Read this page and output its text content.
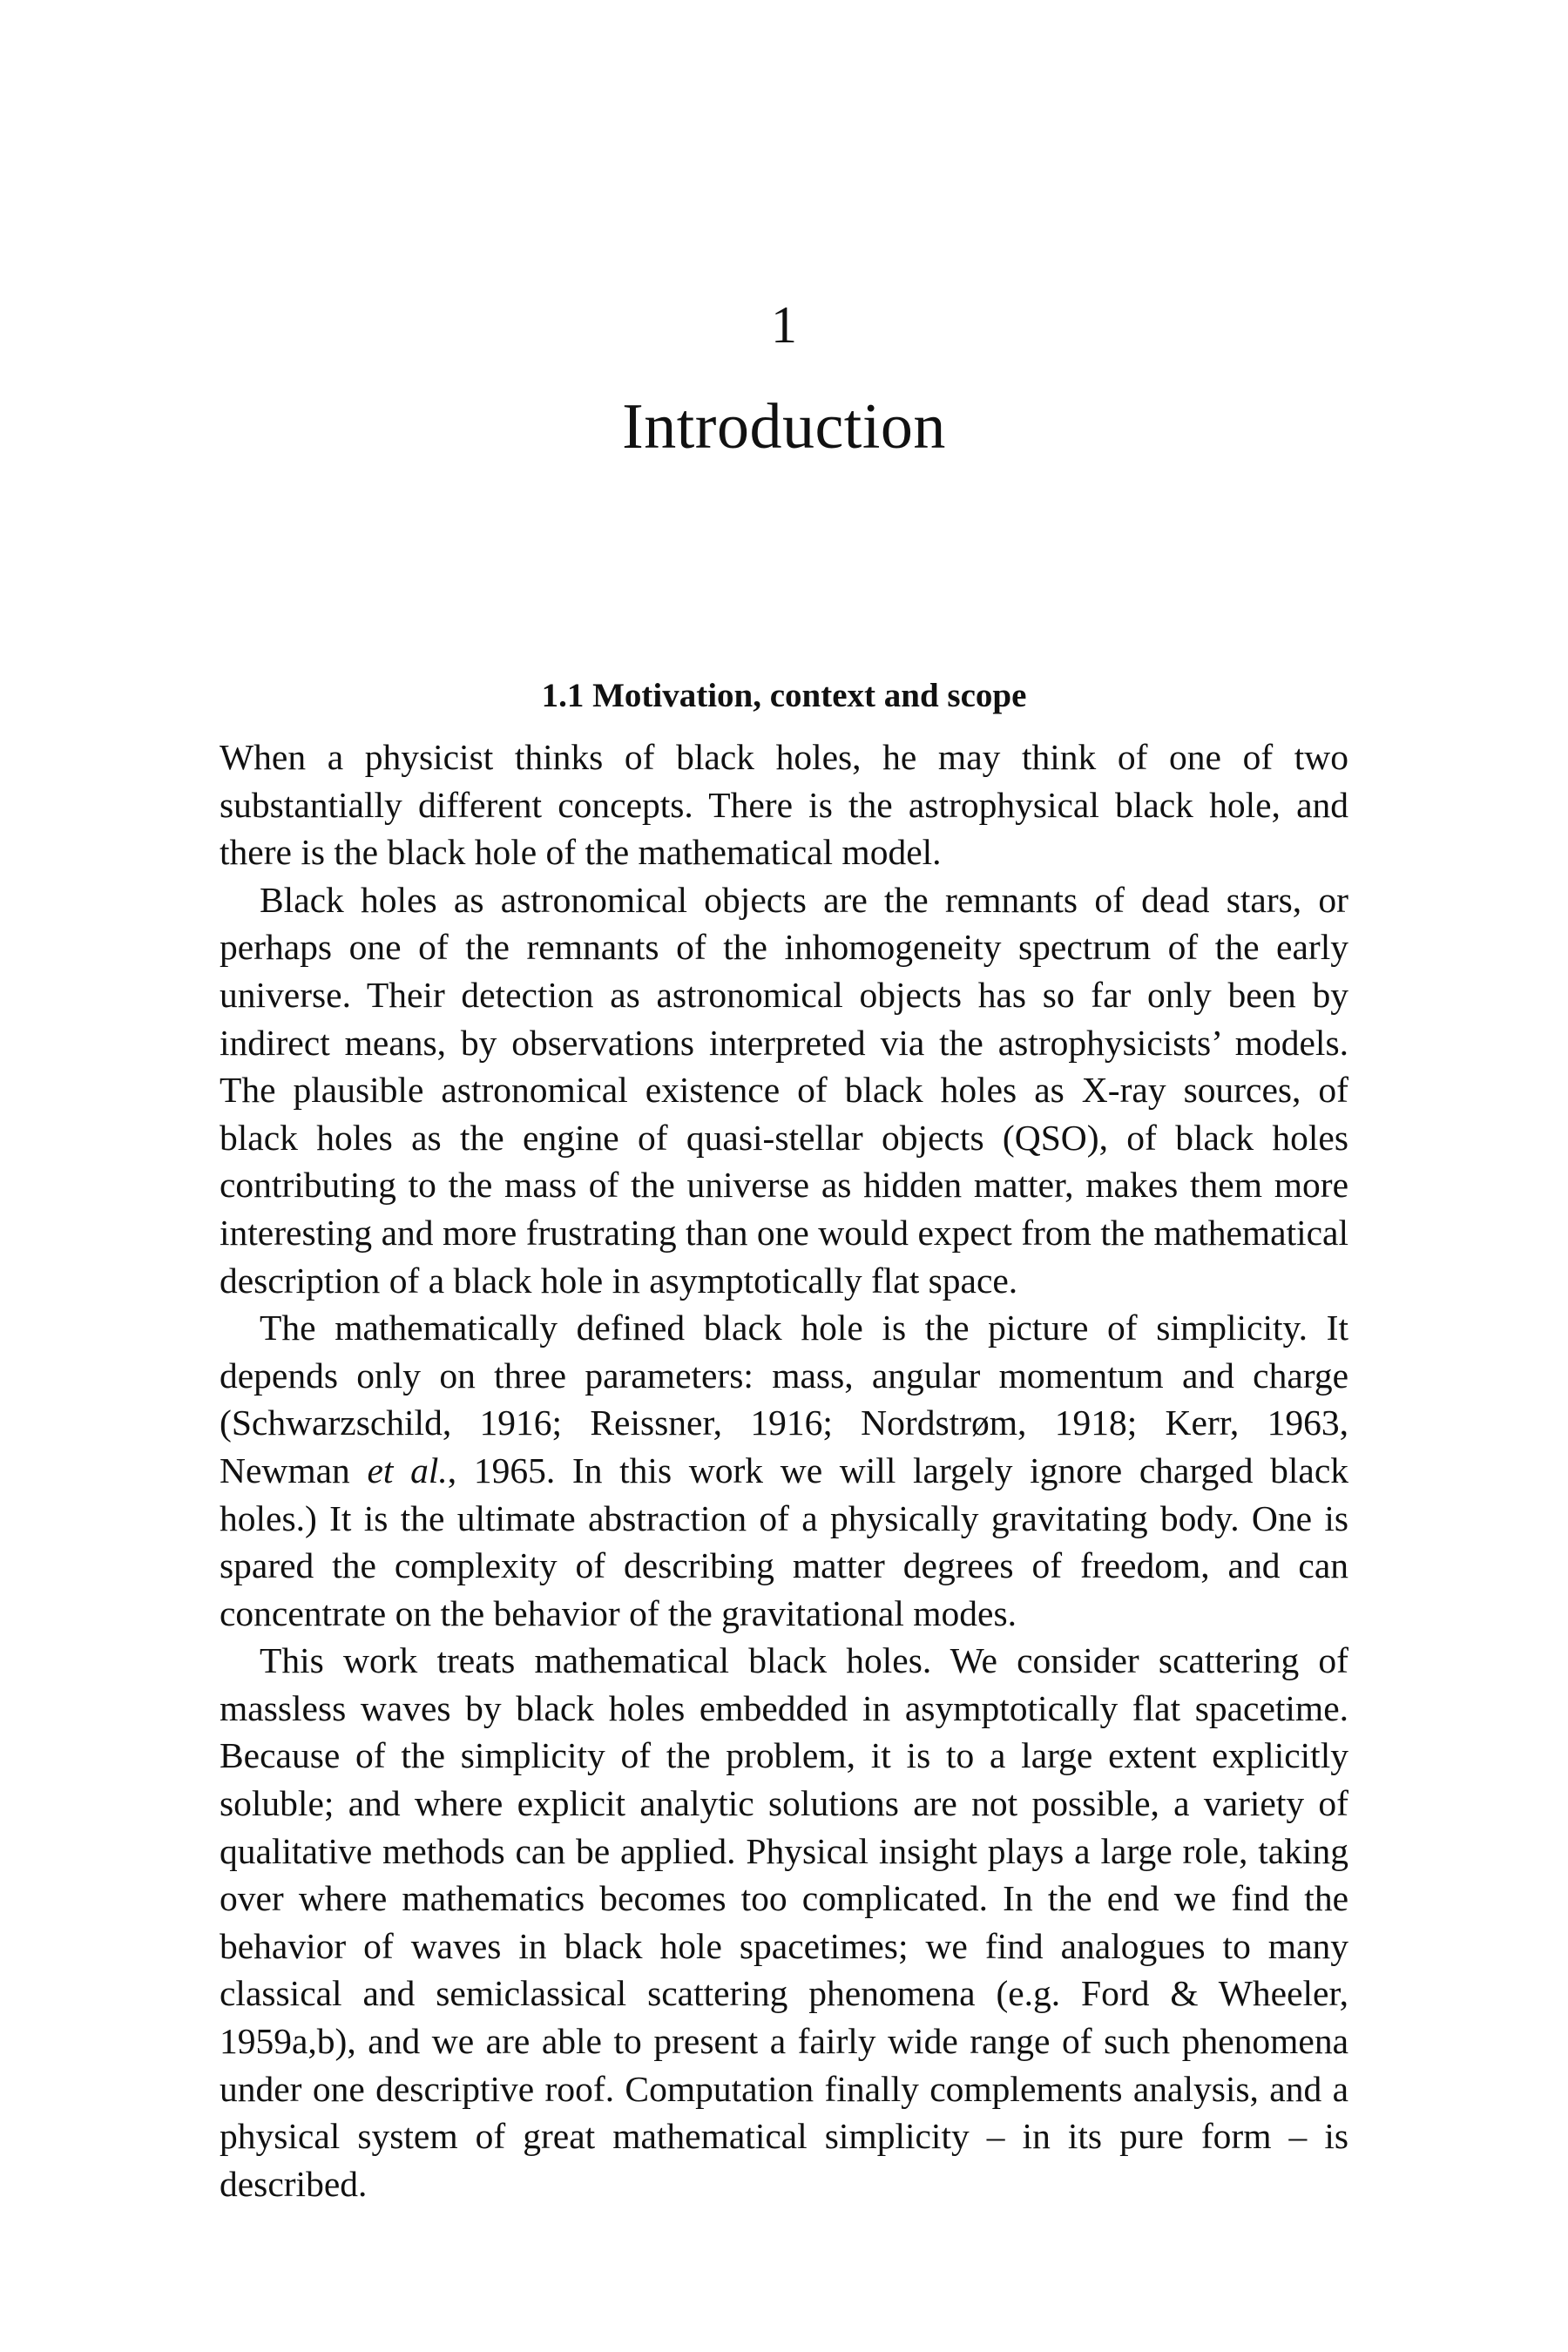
1
Introduction
1.1 Motivation, context and scope

When a physicist thinks of black holes, he may think of one of two substantially different concepts. There is the astrophysical black hole, and there is the black hole of the mathematical model.

Black holes as astronomical objects are the remnants of dead stars, or perhaps one of the remnants of the inhomogeneity spectrum of the early universe. Their detection as astronomical objects has so far only been by indirect means, by observations interpreted via the astrophysicists’ models. The plausible astronomical existence of black holes as X-ray sources, of black holes as the engine of quasi-stellar objects (QSO), of black holes contributing to the mass of the universe as hidden matter, makes them more interesting and more frustrating than one would expect from the mathematical description of a black hole in asymptotically flat space.

The mathematically defined black hole is the picture of simplicity. It depends only on three parameters: mass, angular momentum and charge (Schwarzschild, 1916; Reissner, 1916; Nordstrøm, 1918; Kerr, 1963, Newman et al., 1965. In this work we will largely ignore charged black holes.) It is the ultimate abstraction of a physically gravitating body. One is spared the complexity of describing matter degrees of freedom, and can concentrate on the behavior of the gravitational modes.

This work treats mathematical black holes. We consider scattering of massless waves by black holes embedded in asymptotically flat spacetime. Because of the simplicity of the problem, it is to a large extent explicitly soluble; and where explicit analytic solutions are not possible, a variety of qualitative methods can be applied. Physical insight plays a large role, taking over where mathematics becomes too complicated. In the end we find the behavior of waves in black hole spacetimes; we find analogues to many classical and semiclassical scattering phenomena (e.g. Ford & Wheeler, 1959a,b), and we are able to present a fairly wide range of such phenomena under one descriptive roof. Computation finally complements analysis, and a physical system of great mathematical simplicity – in its pure form – is described.
